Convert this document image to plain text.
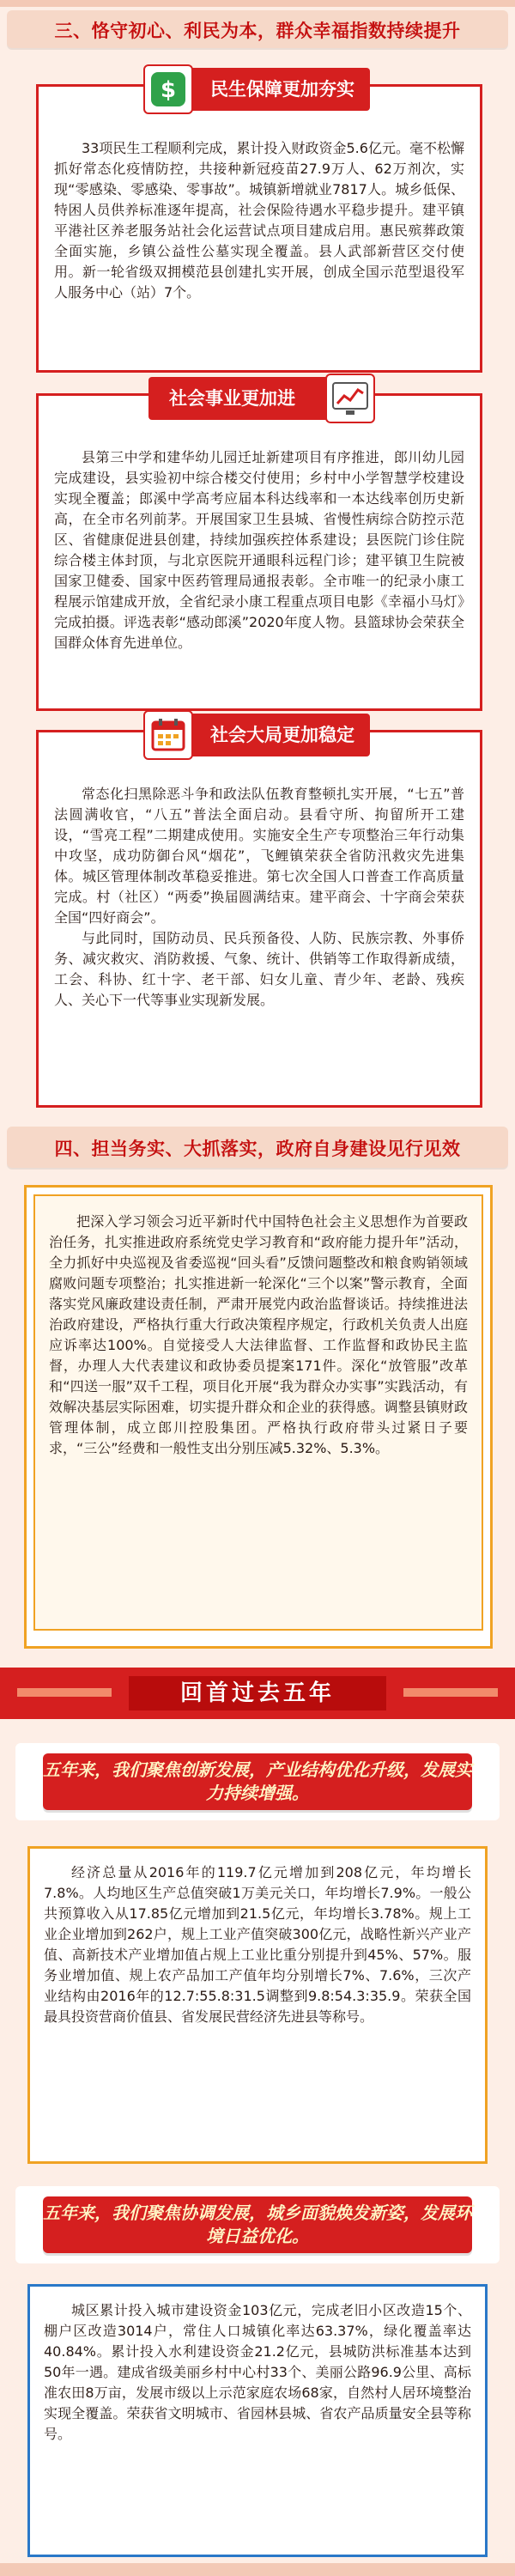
三、恪守初心、利民为本，群众幸福指数持续提升
$ 民生保障更加夯实

33项民生工程顺利完成，累计投入财政资金5.6亿元。毫不松懈抓好常态化疫情防控，共接种新冠疫苗27.9万人、62万剂次，实现“零感染、零感染、零事故”。城镇新增就业7817人。城乡低保、特困人员供养标准逐年提高，社会保险待遇水平稳步提升。建平镇平港社区养老服务站社会化运营试点项目建成启用。惠民殡葬政策全面实施，乡镇公益性公墓实现全覆盖。县人武部新营区交付使用。新一轮省级双拥模范县创建扎实开展，创成全国示范型退役军人服务中心（站）7个。

社会事业更加进步

县第三中学和建华幼儿园迁址新建项目有序推进，郎川幼儿园完成建设，县实验初中综合楼交付使用；乡村中小学智慧学校建设实现全覆盖；郎溪中学高考应届本科达线率和一本达线率创历史新高，在全市名列前茅。开展国家卫生县城、省慢性病综合防控示范区、省健康促进县创建，持续加强疾控体系建设；县医院门诊住院综合楼主体封顶，与北京医院开通眼科远程门诊；建平镇卫生院被国家卫健委、国家中医药管理局通报表彰。全市唯一的纪录小康工程展示馆建成开放，全省纪录小康工程重点项目电影《幸福小马灯》完成拍摄。评选表彰“感动郎溪”2020年度人物。县篮球协会荣获全国群众体育先进单位。

社会大局更加稳定

常态化扫黑除恶斗争和政法队伍教育整顿扎实开展，“七五”普法圆满收官，“八五”普法全面启动。县看守所、拘留所开工建设，“雪亮工程”二期建成使用。实施安全生产专项整治三年行动集中攻坚，成功防御台风“烟花”，飞鲤镇荣获全省防汛救灾先进集体。城区管理体制改革稳妥推进。第七次全国人口普查工作高质量完成。村（社区）“两委”换届圆满结束。建平商会、十字商会荣获全国“四好商会”。

与此同时，国防动员、民兵预备役、人防、民族宗教、外事侨务、减灾救灾、消防救援、气象、统计、供销等工作取得新成绩，工会、科协、红十字、老干部、妇女儿童、青少年、老龄、残疾人、关心下一代等事业实现新发展。

四、担当务实、大抓落实，政府自身建设见行见效

把深入学习领会习近平新时代中国特色社会主义思想作为首要政治任务，扎实推进政府系统党史学习教育和“政府能力提升年”活动，全力抓好中央巡视及省委巡视“回头看”反馈问题整改和粮食购销领域腐败问题专项整治；扎实推进新一轮深化“三个以案”警示教育，全面落实党风廉政建设责任制，严肃开展党内政治监督谈话。持续推进法治政府建设，严格执行重大行政决策程序规定，行政机关负责人出庭应诉率达100%。自觉接受人大法律监督、工作监督和政协民主监督，办理人大代表建议和政协委员提案171件。深化“放管服”改革和“四送一服”双千工程，项目化开展“我为群众办实事”实践活动，有效解决基层实际困难，切实提升群众和企业的获得感。调整县镇财政管理体制，成立郎川控股集团。严格执行政府带头过紧日子要求，“三公”经费和一般性支出分别压减5.32%、5.3%。

回首过去五年
五年来，我们聚焦创新发展，产业结构优化升级，发展实力持续增强。

经济总量从2016年的119.7亿元增加到208亿元，年均增长7.8%。人均地区生产总值突破1万美元关口，年均增长7.9%。一般公共预算收入从17.85亿元增加到21.5亿元，年均增长3.78%。规上工业企业增加到262户，规上工业产值突破300亿元，战略性新兴产业产值、高新技术产业增加值占规上工业比重分别提升到45%、57%。服务业增加值、规上农产品加工产值年均分别增长7%、7.6%，三次产业结构由2016年的12.7:55.8:31.5调整到9.8:54.3:35.9。荣获全国最具投资营商价值县、省发展民营经济先进县等称号。

五年来，我们聚焦协调发展，城乡面貌焕发新姿，发展环境日益优化。

城区累计投入城市建设资金103亿元，完成老旧小区改造15个、棚户区改造3014户，常住人口城镇化率达63.37%，绿化覆盖率达40.84%。累计投入水利建设资金21.2亿元，县城防洪标准基本达到50年一遇。建成省级美丽乡村中心村33个、美丽公路96.9公里、高标准农田8万亩，发展市级以上示范家庭农场68家，自然村人居环境整治实现全覆盖。荣获省文明城市、省园林县城、省农产品质量安全县等称号。
